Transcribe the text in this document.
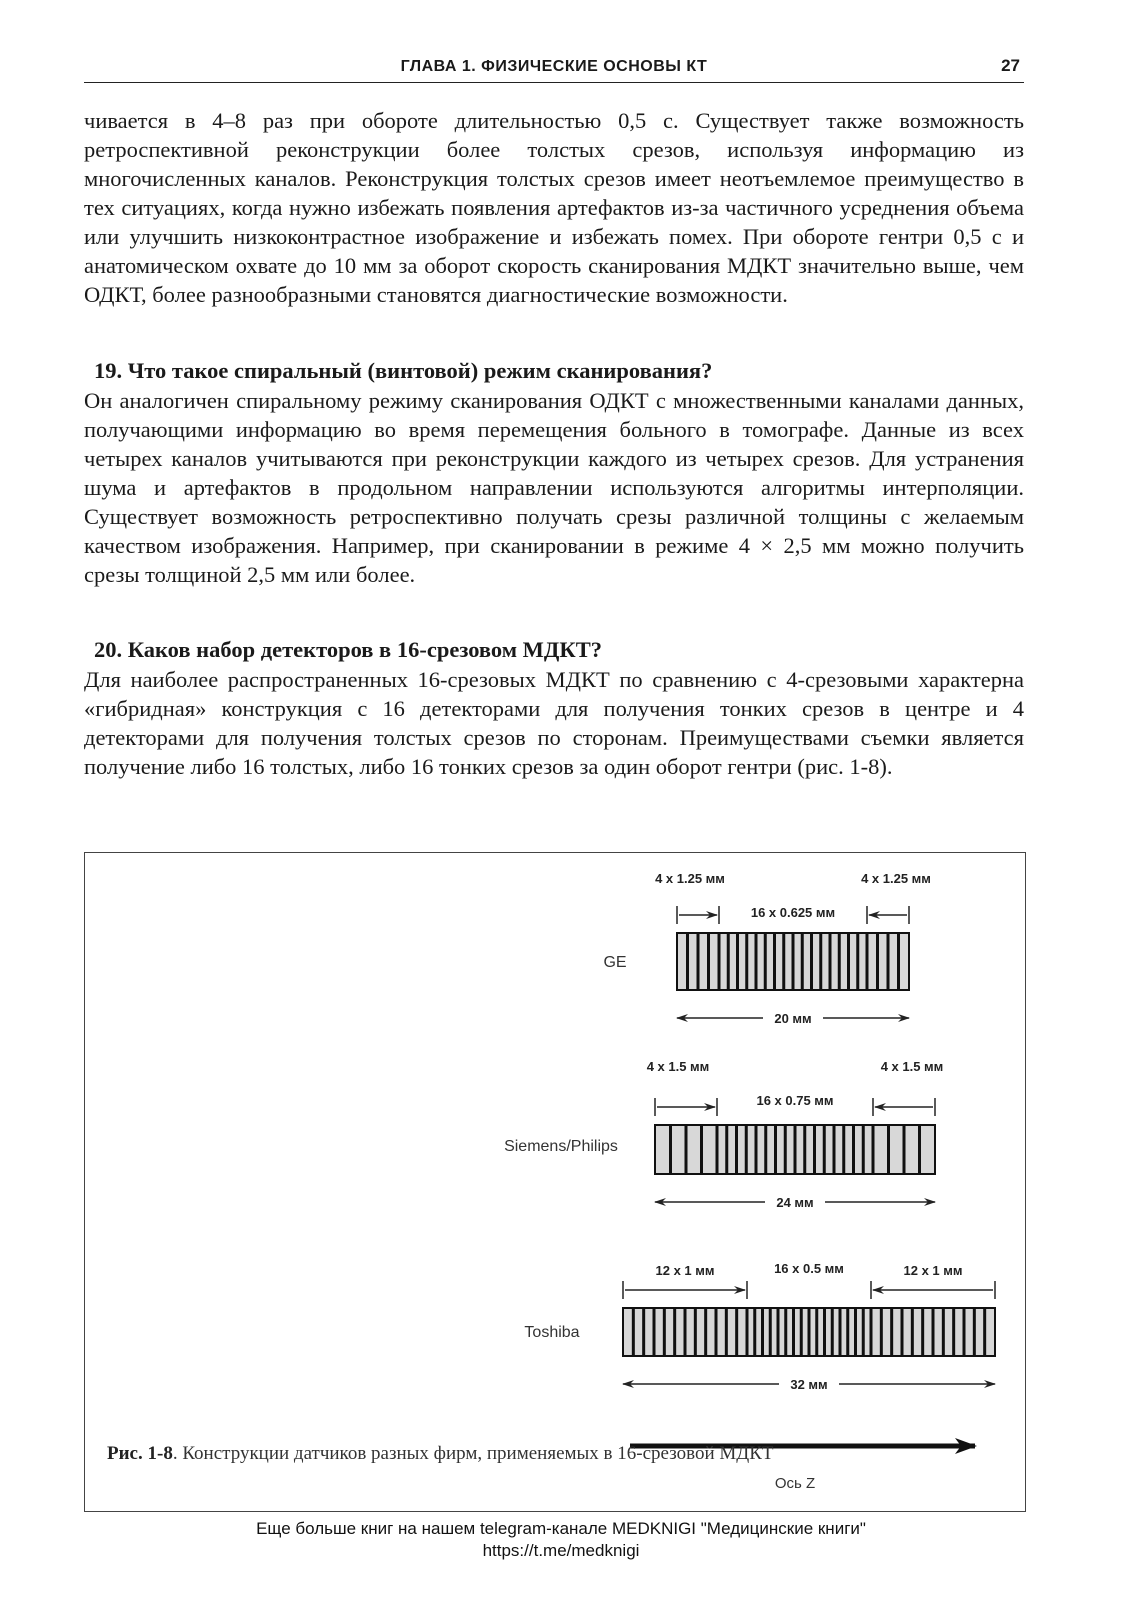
ГЛАВА 1. ФИЗИЧЕСКИЕ ОСНОВЫ КТ	27

чивается в 4–8 раз при обороте длительностью 0,5 с. Существует также возможность ретроспективной реконструкции более толстых срезов, используя информацию из многочисленных каналов. Реконструкция толстых срезов имеет неотъемлемое преимущество в тех ситуациях, когда нужно избежать появления артефактов из-за частичного усреднения объема или улучшить низкоконтрастное изображение и избежать помех. При обороте гентри 0,5 с и анатомическом охвате до 10 мм за оборот скорость сканирования МДКТ значительно выше, чем ОДКТ, более разнообразными становятся диагностические возможности.

19. Что такое спиральный (винтовой) режим сканирования?

Он аналогичен спиральному режиму сканирования ОДКТ с множественными каналами данных, получающими информацию во время перемещения больного в томографе. Данные из всех четырех каналов учитываются при реконструкции каждого из четырех срезов. Для устранения шума и артефактов в продольном направлении используются алгоритмы интерполяции. Существует возможность ретроспективно получать срезы различной толщины с желаемым качеством изображения. Например, при сканировании в режиме 4 × 2,5 мм можно получить срезы толщиной 2,5 мм или более.

20. Каков набор детекторов в 16-срезовом МДКТ?

Для наиболее распространенных 16-срезовых МДКТ по сравнению с 4-срезовыми характерна «гибридная» конструкция с 16 детекторами для получения тонких срезов в центре и 4 детекторами для получения толстых срезов по сторонам. Преимуществами съемки является получение либо 16 толстых, либо 16 тонких срезов за один оборот гентри (рис. 1-8).

GE
4 x 1.25 мм	4 x 1.25 мм
16 x 0.625 мм
20 мм
Siemens/Philips
4 x 1.5 мм	4 x 1.5 мм
16 x 0.75 мм
24 мм
Toshiba
12 x 1 мм	12 x 1 мм
16 x 0.5 мм
32 мм
Ось Z
Рис. 1-8. Конструкции датчиков разных фирм, применяемых в 16-срезовой МДКТ
Еще больше книг на нашем telegram-канале MEDKNIGI "Медицинские книги"
https://t.me/medknigi
